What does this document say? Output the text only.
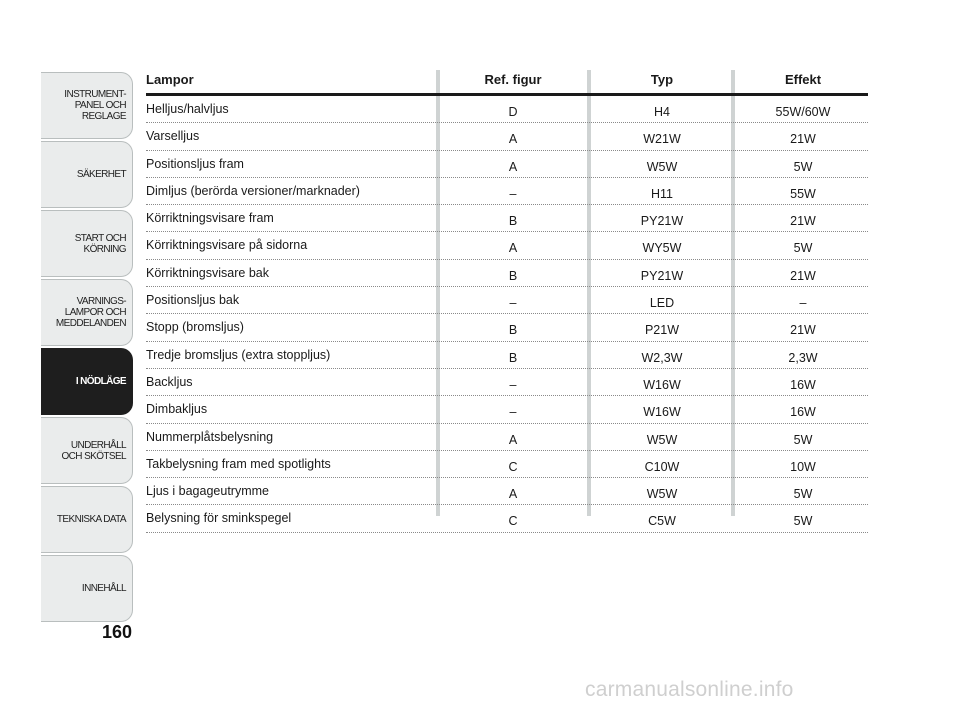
INSTRUMENT-
PANEL OCH
REGLAGE
SÄKERHET
START OCH
KÖRNING
VARNINGS-
LAMPOR OCH
MEDDELANDEN
I NÖDLÄGE
UNDERHÅLL
OCH SKÖTSEL
TEKNISKA DATA
INNEHÅLL
160
Lampor	Ref. figur	Typ	Effekt
Helljus/halvljus	D	H4	55W/60W
Varselljus	A	W21W	21W
Positionsljus fram	A	W5W	5W
Dimljus (berörda versioner/marknader)	–	H11	55W
Körriktningsvisare fram	B	PY21W	21W
Körriktningsvisare på sidorna	A	WY5W	5W
Körriktningsvisare bak	B	PY21W	21W
Positionsljus bak	–	LED	–
Stopp (bromsljus)	B	P21W	21W
Tredje bromsljus (extra stoppljus)	B	W2,3W	2,3W
Backljus	–	W16W	16W
Dimbakljus	–	W16W	16W
Nummerplåtsbelysning	A	W5W	5W
Takbelysning fram med spotlights	C	C10W	10W
Ljus i bagageutrymme	A	W5W	5W
Belysning för sminkspegel	C	C5W	5W
carmanualsonline.info
